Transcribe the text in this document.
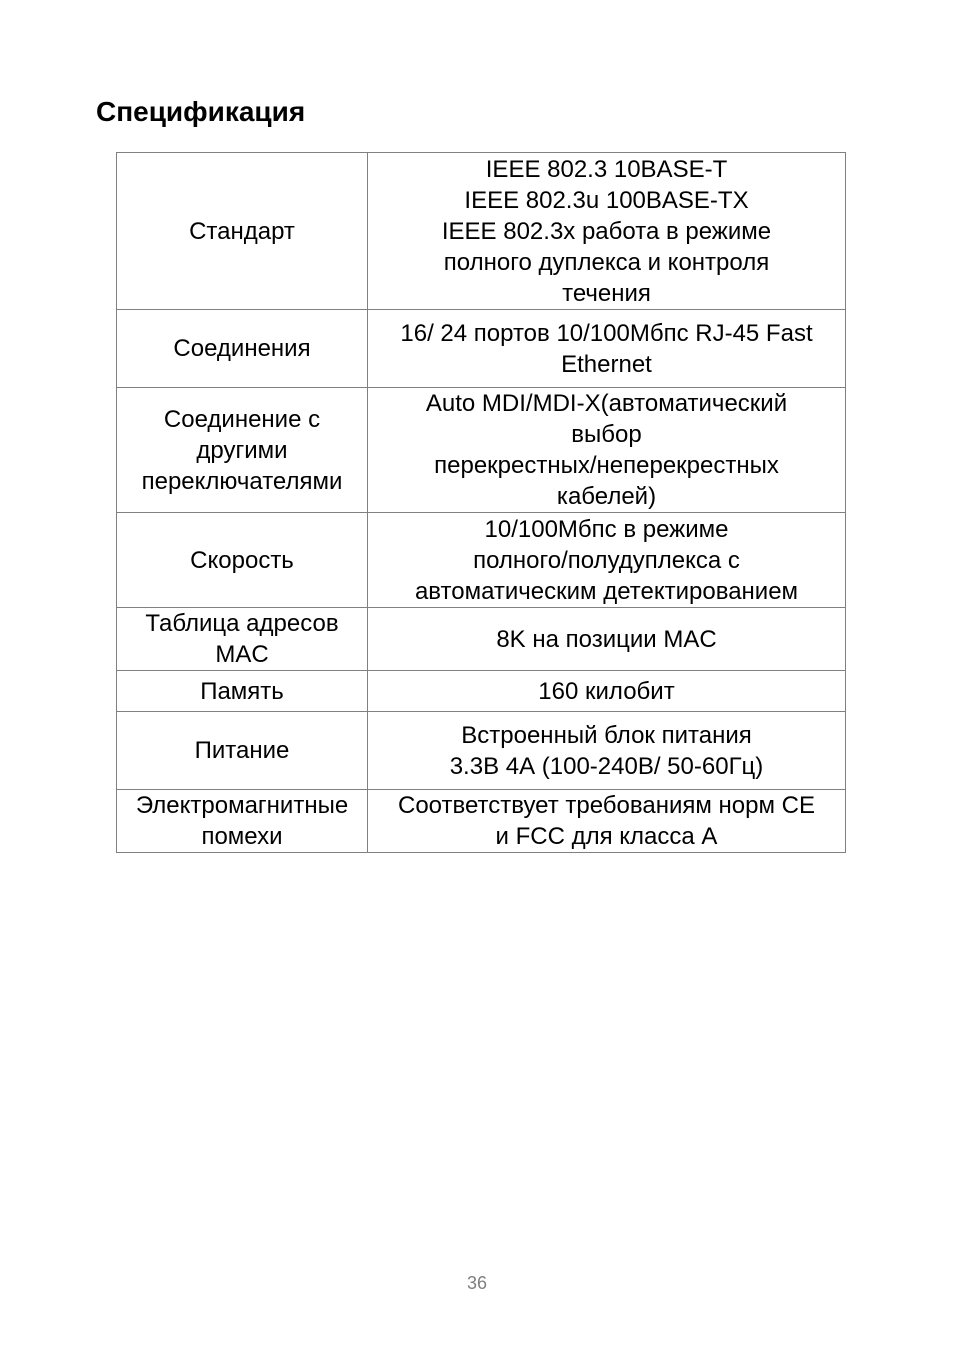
Спецификация
Стандарт	IEEE 802.3 10BASE-T
IEEE 802.3u 100BASE-TX
IEEE 802.3x работа в режиме
полного дуплекса и контроля
течения

Соединения	16/ 24 портов 10/100Мбпс RJ-45 Fast
Ethernet

Соединение с
другими
переключателями	Auto MDI/MDI-X(автоматический
выбор
перекрестных/неперекрестных
кабелей)

Скорость	10/100Мбпс в режиме
полного/полудуплекса с
автоматическим детектированием

Таблица адресов
MAC	8K на позиции MAC

Память	160 килобит

Питание	Встроенный блок питания
3.3В 4А (100-240В/ 50-60Гц)

Электромагнитные
помехи	Соответствует требованиям норм CE
и FCC для класса А
36
